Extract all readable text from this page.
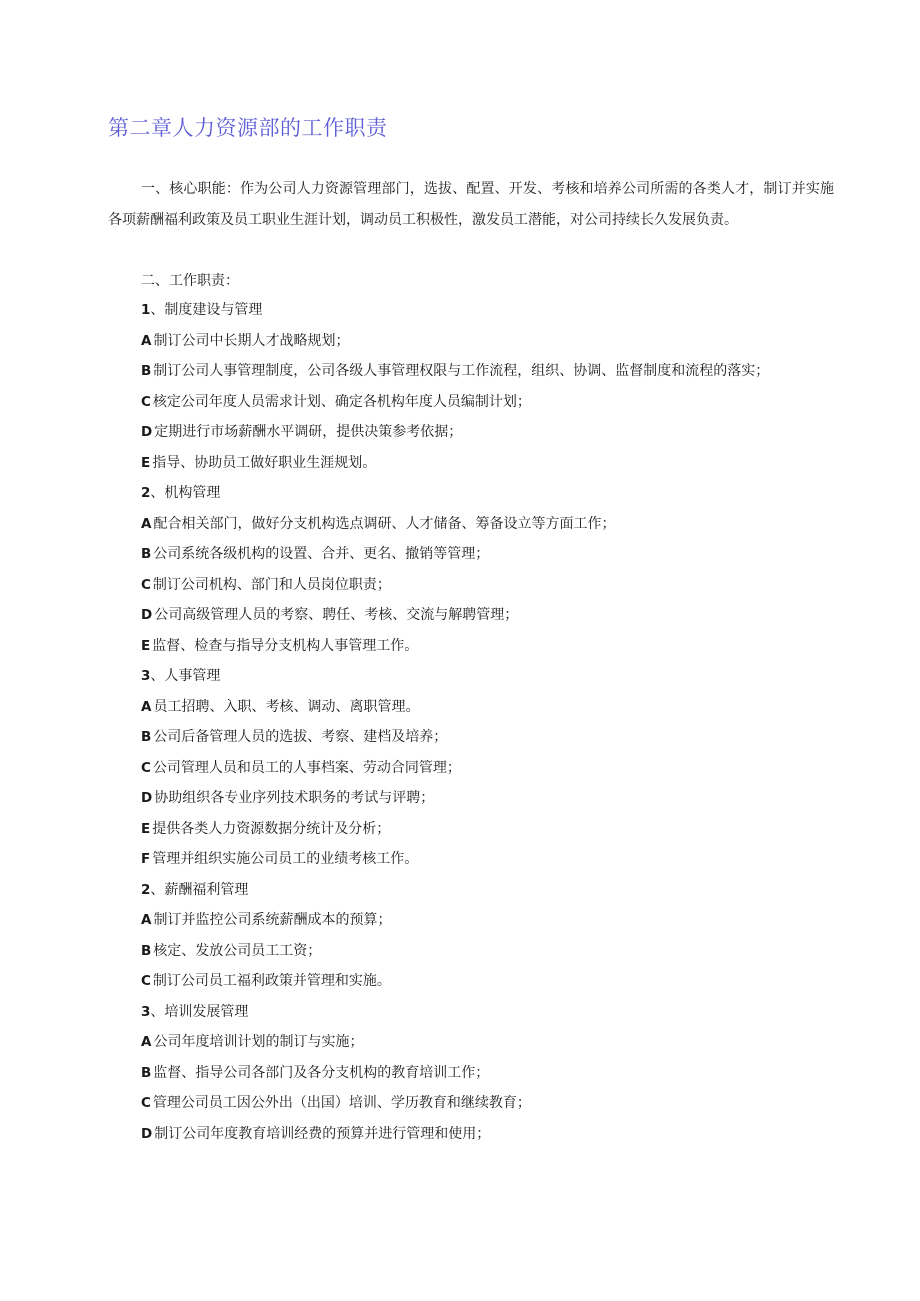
第二章人力资源部的工作职责

一、核心职能：作为公司人力资源管理部门，选拔、配置、开发、考核和培养公司所需的各类人才，制订并实施各项薪酬福利政策及员工职业生涯计划，调动员工积极性，激发员工潜能，对公司持续长久发展负责。

二、工作职责：
1、制度建设与管理
A 制订公司中长期人才战略规划；
B 制订公司人事管理制度，公司各级人事管理权限与工作流程，组织、协调、监督制度和流程的落实；
C 核定公司年度人员需求计划、确定各机构年度人员编制计划；
D 定期进行市场薪酬水平调研，提供决策参考依据；
E 指导、协助员工做好职业生涯规划。
2、机构管理
A 配合相关部门，做好分支机构选点调研、人才储备、筹备设立等方面工作；
B 公司系统各级机构的设置、合并、更名、撤销等管理；
C 制订公司机构、部门和人员岗位职责；
D 公司高级管理人员的考察、聘任、考核、交流与解聘管理；
E 监督、检查与指导分支机构人事管理工作。
3、人事管理
A 员工招聘、入职、考核、调动、离职管理。
B 公司后备管理人员的选拔、考察、建档及培养；
C 公司管理人员和员工的人事档案、劳动合同管理；
D 协助组织各专业序列技术职务的考试与评聘；
E 提供各类人力资源数据分统计及分析；
F 管理并组织实施公司员工的业绩考核工作。
2、薪酬福利管理
A 制订并监控公司系统薪酬成本的预算；
B 核定、发放公司员工工资；
C 制订公司员工福利政策并管理和实施。
3、培训发展管理
A 公司年度培训计划的制订与实施；
B 监督、指导公司各部门及各分支机构的教育培训工作；
C 管理公司员工因公外出（出国）培训、学历教育和继续教育；
D 制订公司年度教育培训经费的预算并进行管理和使用；
